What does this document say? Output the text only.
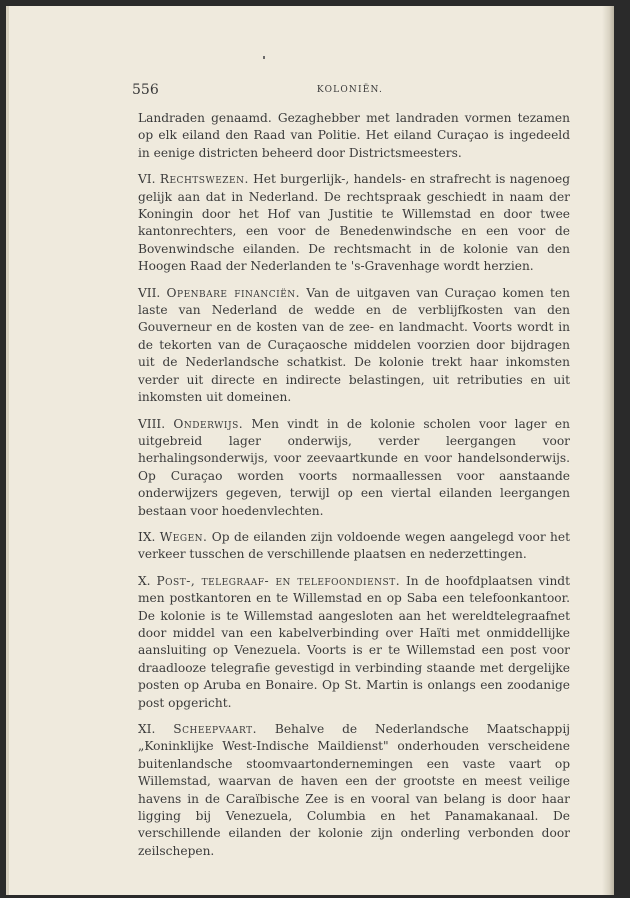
556	KOLONIËN.

Landraden genaamd. Gezaghebber met landraden vormen tezamen op elk eiland den Raad van Politie. Het eiland Curaçao is ingedeeld in eenige districten beheerd door Districtsmeesters.

VI. Rechtswezen. Het burgerlijk-, handels- en strafrecht is nagenoeg gelijk aan dat in Nederland. De rechtspraak geschiedt in naam der Koningin door het Hof van Justitie te Willemstad en door twee kantonrechters, een voor de Benedenwindsche en een voor de Bovenwindsche eilanden. De rechtsmacht in de kolonie van den Hoogen Raad der Nederlanden te 's-Gravenhage wordt herzien.

VII. Openbare financiën. Van de uitgaven van Curaçao komen ten laste van Nederland de wedde en de verblijfkosten van den Gouverneur en de kosten van de zee- en landmacht. Voorts wordt in de tekorten van de Curaçaosche middelen voorzien door bijdragen uit de Nederlandsche schatkist. De kolonie trekt haar inkomsten verder uit directe en indirecte belastingen, uit retributies en uit inkomsten uit domeinen.

VIII. Onderwijs. Men vindt in de kolonie scholen voor lager en uitgebreid lager onderwijs, verder leergangen voor herhalingsonderwijs, voor zeevaartkunde en voor handelsonderwijs. Op Curaçao worden voorts normaallessen voor aanstaande onderwijzers gegeven, terwijl op een viertal eilanden leergangen bestaan voor hoedenvlechten.

IX. Wegen. Op de eilanden zijn voldoende wegen aangelegd voor het verkeer tusschen de verschillende plaatsen en nederzettingen.

X. Post-, telegraaf- en telefoondienst. In de hoofdplaatsen vindt men postkantoren en te Willemstad en op Saba een telefoonkantoor. De kolonie is te Willemstad aangesloten aan het wereldtelegraafnet door middel van een kabelverbinding over Haïti met onmiddellijke aansluiting op Venezuela. Voorts is er te Willemstad een post voor draadlooze telegrafie gevestigd in verbinding staande met dergelijke posten op Aruba en Bonaire. Op St. Martin is onlangs een zoodanige post opgericht.

XI. Scheepvaart. Behalve de Nederlandsche Maatschappij „Koninklijke West-Indische Maildienst" onderhouden verscheidene buitenlandsche stoomvaartondernemingen een vaste vaart op Willemstad, waarvan de haven een der grootste en meest veilige havens in de Caraïbische Zee is en vooral van belang is door haar ligging bij Venezuela, Columbia en het Panamakanaal. De verschillende eilanden der kolonie zijn onderling verbonden door zeilschepen.
